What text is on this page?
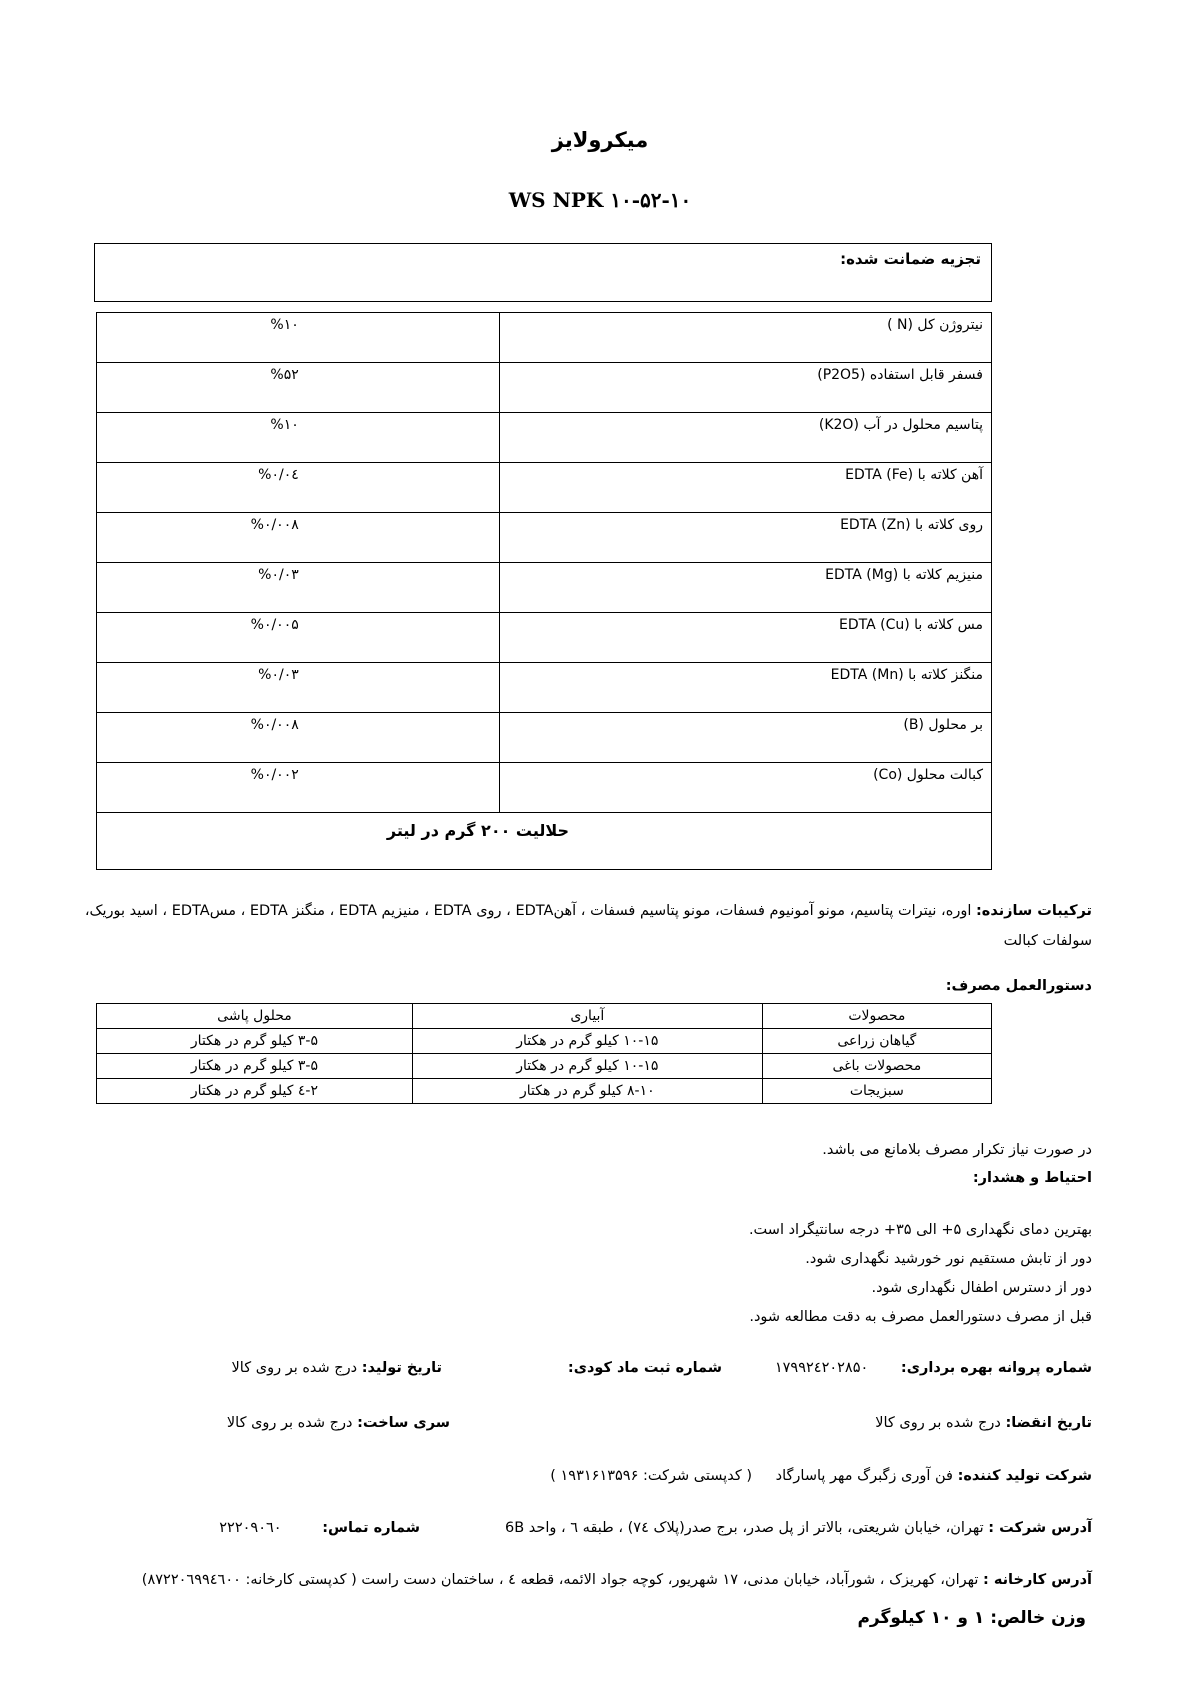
میکرولایز
WS NPK ۱۰-۵۲-۱۰
تجزیه ضمانت شده:
%۱۰	نیتروژن کل (N )
%۵۲	فسفر قابل استفاده (P2O5)
%۱۰	پتاسیم محلول در آب (K2O)
%۰/۰٤	آهن کلاته با EDTA (Fe)
%۰/۰۰۸	روی کلاته با EDTA (Zn)
%۰/۰۳	منیزیم کلاته با EDTA (Mg)
%۰/۰۰۵	مس کلاته با EDTA (Cu)
%۰/۰۳	منگنز کلاته با EDTA (Mn)
%۰/۰۰۸	بر محلول (B)
%۰/۰۰۲	کبالت محلول (Co)
حلالیت ۲۰۰ گرم در لیتر	
ترکیبات سازنده: اوره، نیترات پتاسیم، مونو آمونیوم فسفات، مونو پتاسیم فسفات ، آهنEDTA ، روی EDTA ، منیزیم EDTA ، منگنز EDTA ، مسEDTA ، اسید بوریک، سولفات کبالت
دستورالعمل مصرف:
محصولات	آبیاری	محلول پاشی
گیاهان زراعی	۱۰-۱۵ کیلو گرم در هکتار	۳-۵ کیلو گرم در هکتار
محصولات باغی	۱۰-۱۵ کیلو گرم در هکتار	۳-۵ کیلو گرم در هکتار
سبزیجات	۸-۱۰ کیلو گرم در هکتار	۲-٤ کیلو گرم در هکتار
در صورت نیاز تکرار مصرف بلامانع می باشد.
احتیاط و هشدار:
بهترین دمای نگهداری ۵+ الی ۳۵+ درجه سانتیگراد است.
دور از تابش مستقیم نور خورشید نگهداری شود.
دور از دسترس اطفال نگهداری شود.
قبل از مصرف دستورالعمل مصرف به دقت مطالعه شود.
شماره پروانه بهره برداری: ۱۷۹۹۲٤۲۰۲۸۵۰
شماره ثبت ماد کودی:
تاریخ تولید: درج شده بر روی کالا
تاریخ انقضا: درج شده بر روی کالا
سری ساخت: درج شده بر روی کالا
شرکت تولید کننده: فن آوری زگبرگ مهر پاسارگاد
( کدپستی شرکت: ۱۹۳۱۶۱۳۵۹۶ )
آدرس شرکت : تهران، خیابان شریعتی، بالاتر از پل صدر، برج صدر(پلاک ۷٤) ، طبقه ٦ ، واحد 6B
شماره تماس: ۲۲۲۰۹۰٦۰
آدرس کارخانه : تهران، کهریزک ، شورآباد، خیابان مدنی، ۱۷ شهریور، کوچه جواد الائمه، قطعه ٤ ، ساختمان دست راست ( کدپستی کارخانه: ۸۷۲۲۰٦۹۹٤٦۰۰)
وزن خالص: ۱ و ۱۰ کیلوگرم
